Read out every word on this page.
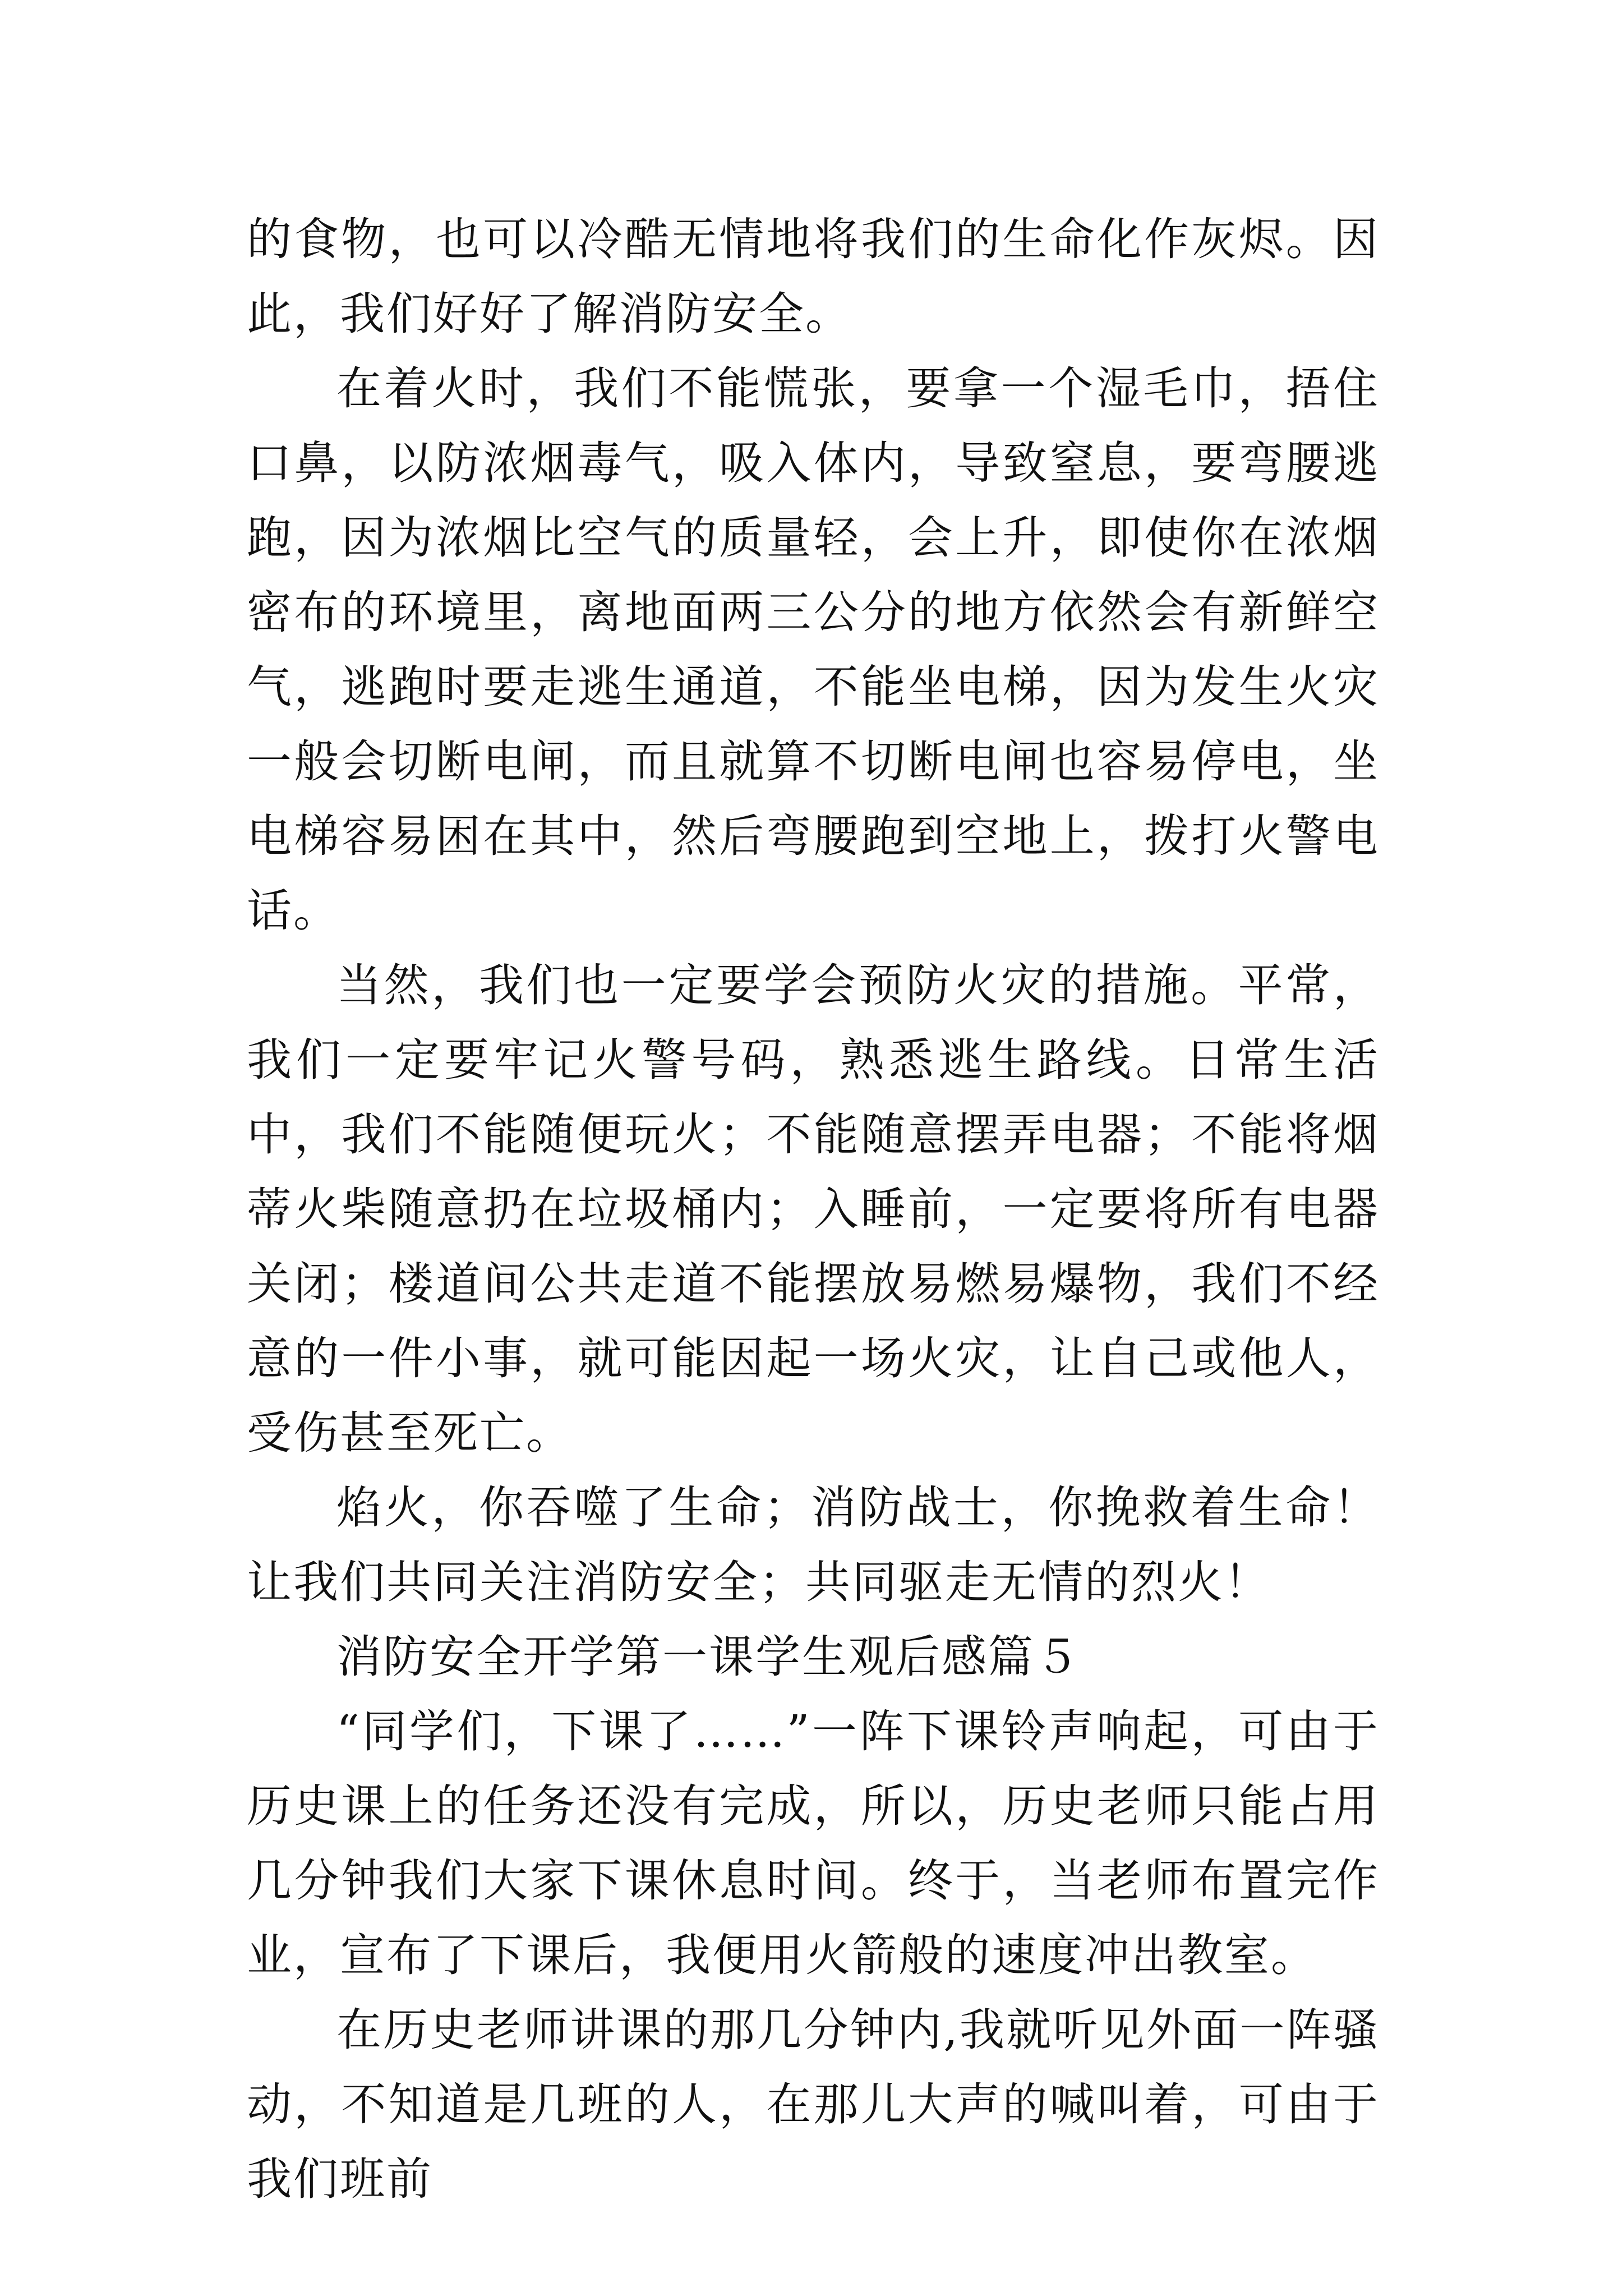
的食物，也可以冷酷无情地将我们的生命化作灰烬。因此，我们好好了解消防安全。

在着火时，我们不能慌张，要拿一个湿毛巾，捂住口鼻，以防浓烟毒气，吸入体内，导致窒息，要弯腰逃跑，因为浓烟比空气的质量轻，会上升，即使你在浓烟密布的环境里，离地面两三公分的地方依然会有新鲜空气，逃跑时要走逃生通道，不能坐电梯，因为发生火灾一般会切断电闸，而且就算不切断电闸也容易停电，坐电梯容易困在其中，然后弯腰跑到空地上，拨打火警电话。

当然，我们也一定要学会预防火灾的措施。平常，我们一定要牢记火警号码，熟悉逃生路线。日常生活中，我们不能随便玩火；不能随意摆弄电器；不能将烟蒂火柴随意扔在垃圾桶内；入睡前，一定要将所有电器关闭；楼道间公共走道不能摆放易燃易爆物，我们不经意的一件小事，就可能因起一场火灾，让自己或他人，受伤甚至死亡。

焰火，你吞噬了生命；消防战士，你挽救着生命！让我们共同关注消防安全；共同驱走无情的烈火！

消防安全开学第一课学生观后感篇５

“同学们，下课了……”一阵下课铃声响起，可由于历史课上的任务还没有完成，所以，历史老师只能占用几分钟我们大家下课休息时间。终于，当老师布置完作业，宣布了下课后，我便用火箭般的速度冲出教室。

在历史老师讲课的那几分钟内,我就听见外面一阵骚动，不知道是几班的人，在那儿大声的喊叫着，可由于我们班前
